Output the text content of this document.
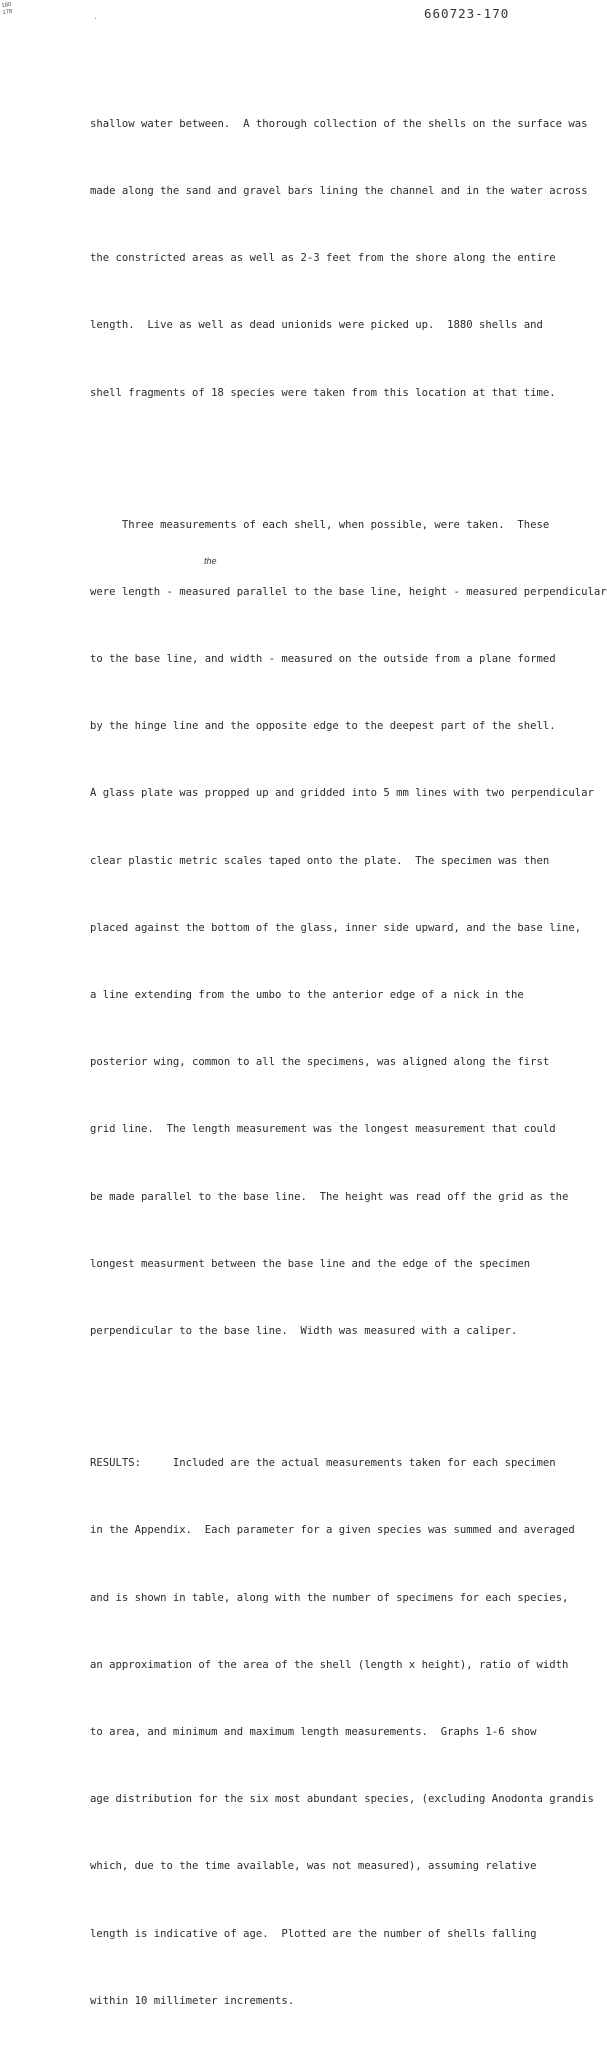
180 178
·	660723-170
the

shallow water between.  A thorough collection of the shells on the surface was

made along the sand and gravel bars lining the channel and in the water across

the constricted areas as well as 2-3 feet from the shore along the entire

length.  Live as well as dead unionids were picked up.  1880 shells and

shell fragments of 18 species were taken from this location at that time.

Three measurements of each shell, when possible, were taken.  These

were length - measured parallel to the base line, height - measured perpendicular

to the base line, and width - measured on the outside from a plane formed

by the hinge line and the opposite edge to the deepest part of the shell.

A glass plate was propped up and gridded into 5 mm lines with two perpendicular

clear plastic metric scales taped onto the plate.  The specimen was then

placed against the bottom of the glass, inner side upward, and the base line,

a line extending from the umbo to the anterior edge of a nick in the

posterior wing, common to all the specimens, was aligned along the first

grid line.  The length measurement was the longest measurement that could

be made parallel to the base line.  The height was read off the grid as the

longest measurment between the base line and the edge of the specimen

perpendicular to the base line.  Width was measured with a caliper.

RESULTS:     Included are the actual measurements taken for each specimen

in the Appendix.  Each parameter for a given species was summed and averaged

and is shown in table, along with the number of specimens for each species,

an approximation of the area of the shell (length x height), ratio of width

to area, and minimum and maximum length measurements.  Graphs 1-6 show

age distribution for the six most abundant species, (excluding Anodonta grandis

which, due to the time available, was not measured), assuming relative

length is indicative of age.  Plotted are the number of shells falling

within 10 millimeter increments.
